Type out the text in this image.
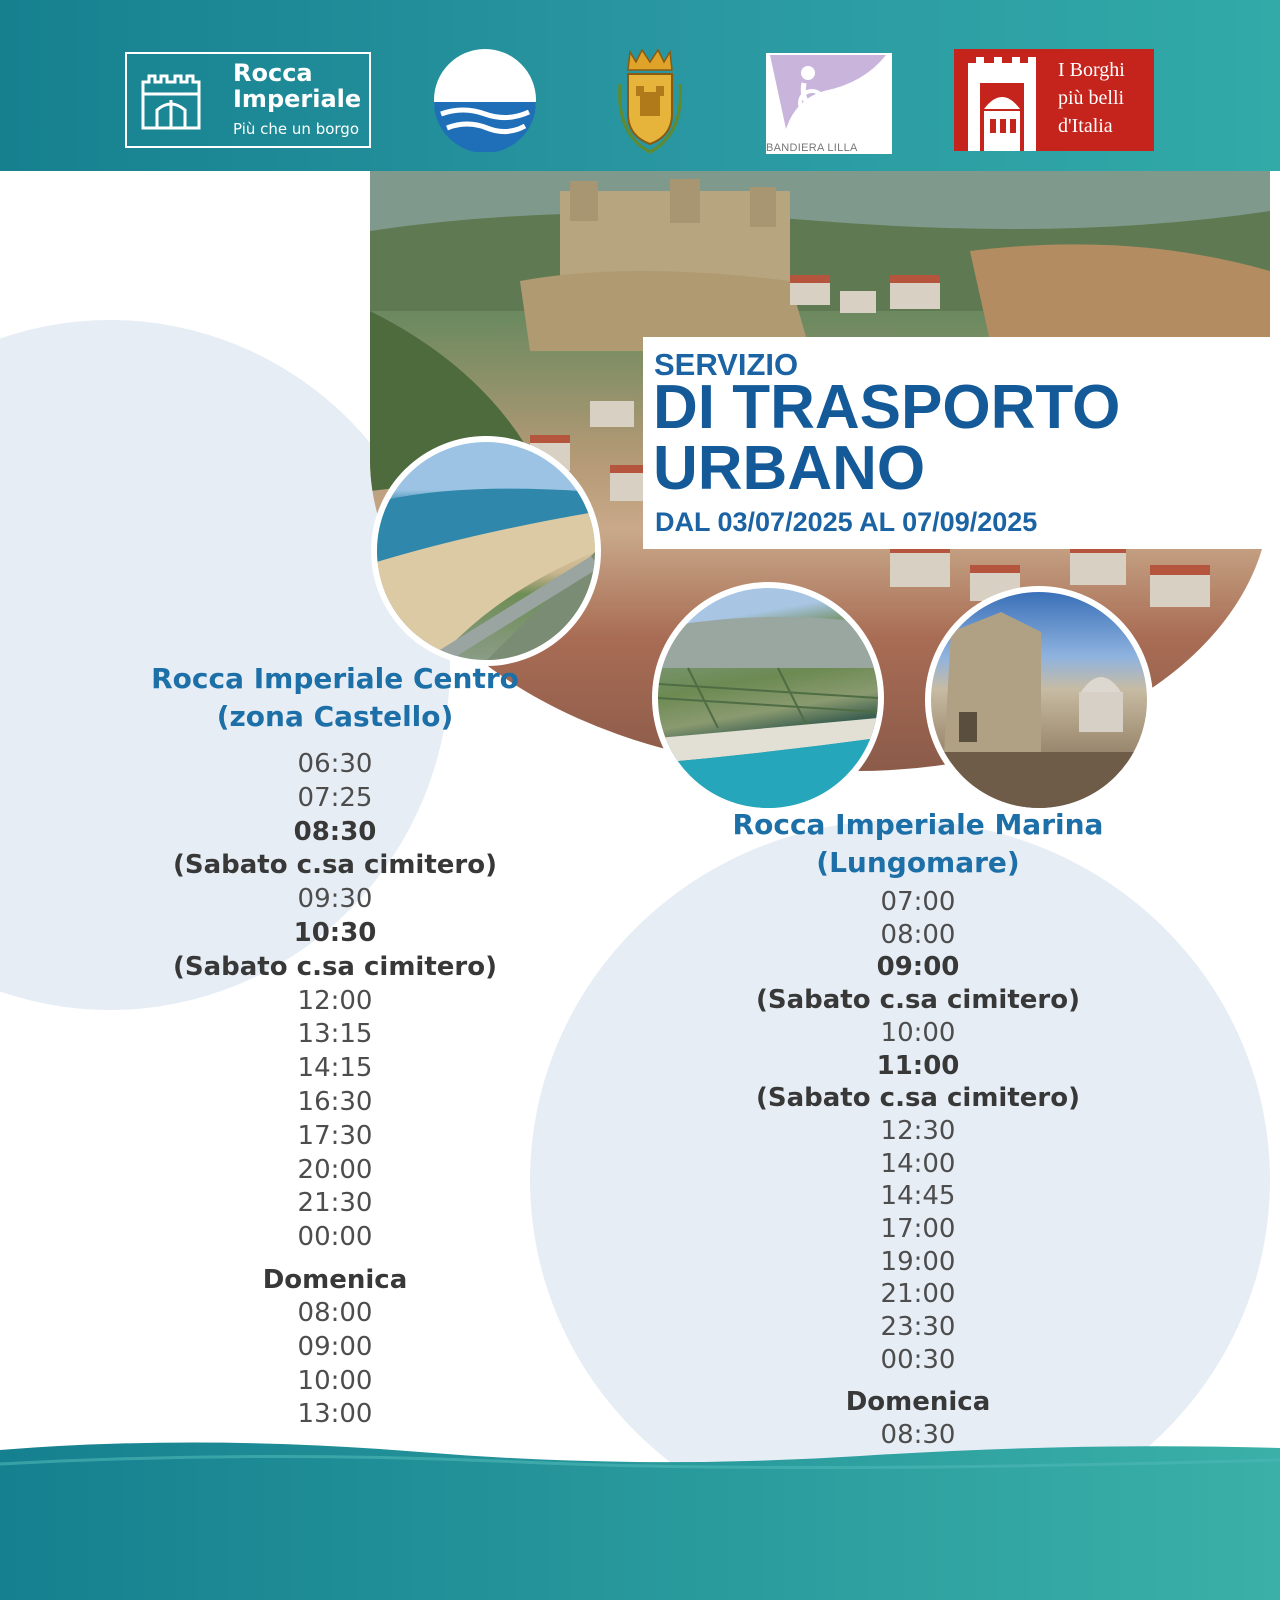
Rocca
Imperiale
Più che un borgo
BANDIERA LILLA
I Borghi
più belli
d'Italia
SERVIZIO
DI TRASPORTO
URBANO
DAL 03/07/2025 AL 07/09/2025
Rocca Imperiale Centro
(zona Castello)
06:30
07:25
08:30
(Sabato c.sa cimitero)
09:30
10:30
(Sabato c.sa cimitero)
12:00
13:15
14:15
16:30
17:30
20:00
21:30
00:00
Domenica
08:00
09:00
10:00
13:00
Rocca Imperiale Marina
(Lungomare)
07:00
08:00
09:00
(Sabato c.sa cimitero)
10:00
11:00
(Sabato c.sa cimitero)
12:30
14:00
14:45
17:00
19:00
21:00
23:30
00:30
Domenica
08:30
